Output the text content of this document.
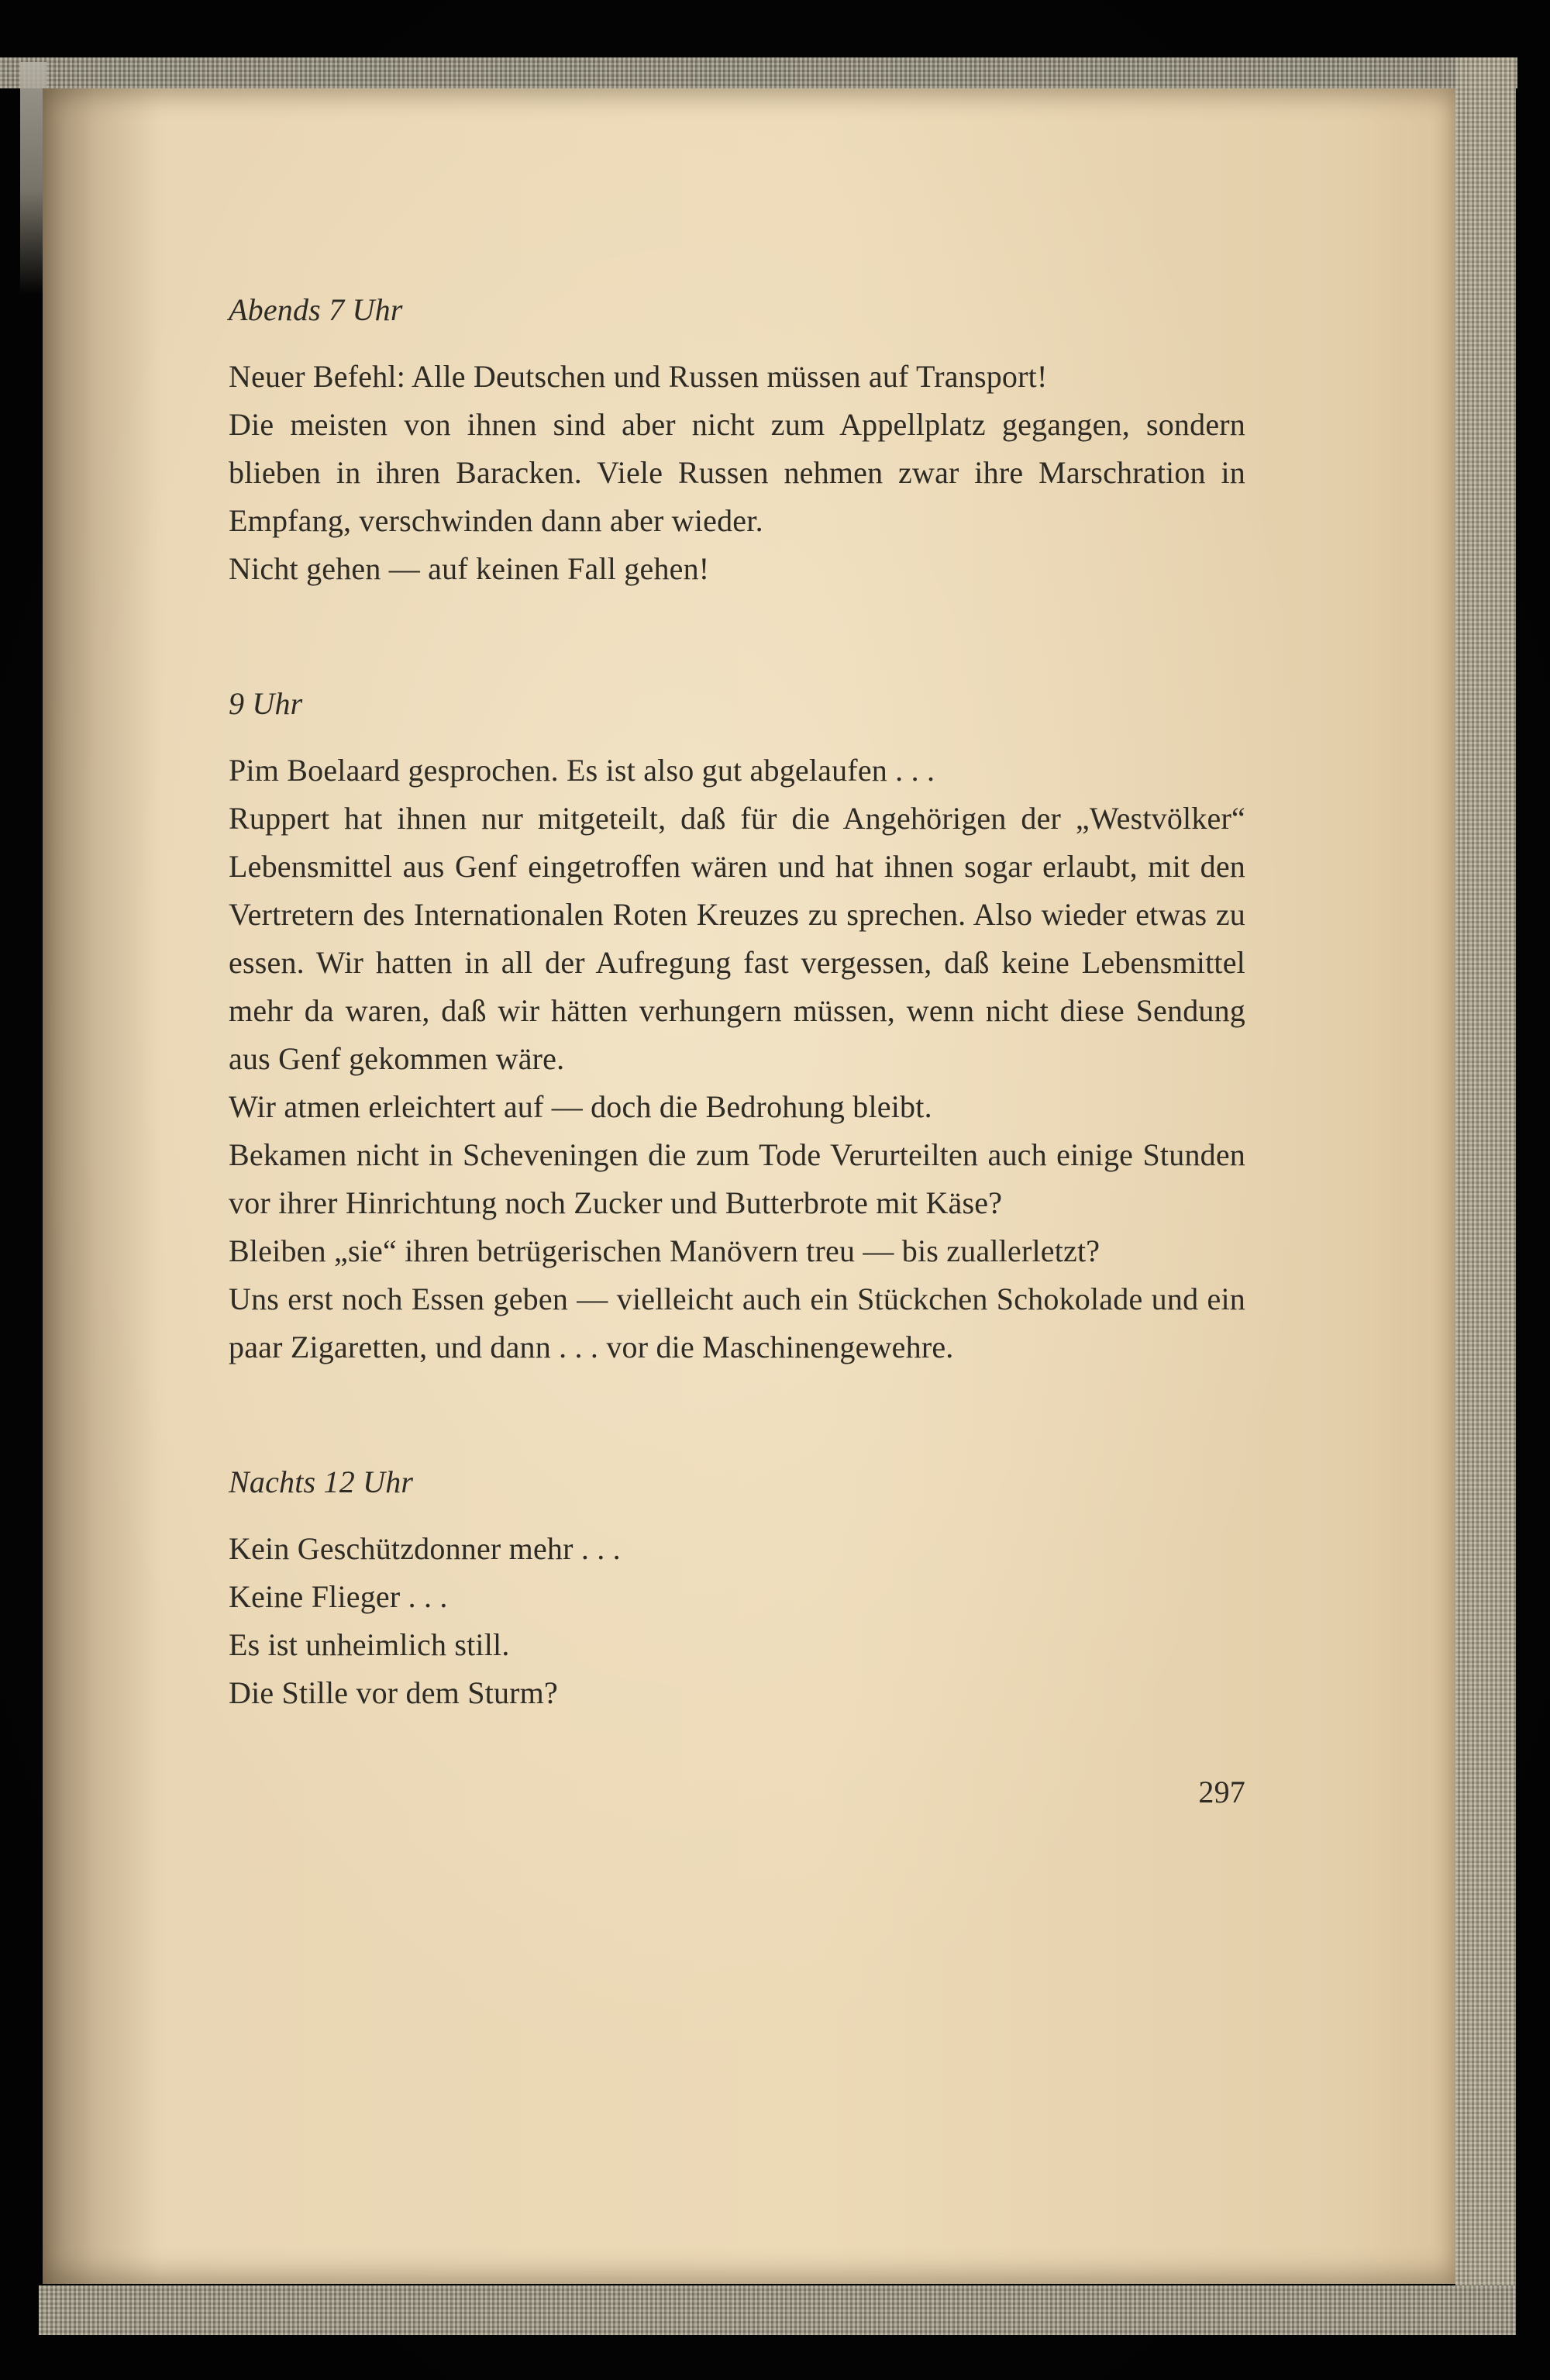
Abends 7 Uhr

Neuer Befehl: Alle Deutschen und Russen müssen auf Transport!

Die meisten von ihnen sind aber nicht zum Appellplatz gegangen, sondern blieben in ihren Baracken. Viele Russen nehmen zwar ihre Marschration in Empfang, verschwinden dann aber wieder.

Nicht gehen — auf keinen Fall gehen!

9 Uhr

Pim Boelaard gesprochen. Es ist also gut abgelaufen . . .

Ruppert hat ihnen nur mitgeteilt, daß für die Angehörigen der „Westvölker“ Lebensmittel aus Genf eingetroffen wären und hat ihnen sogar erlaubt, mit den Vertretern des Internationalen Roten Kreuzes zu sprechen. Also wieder etwas zu essen. Wir hatten in all der Aufregung fast vergessen, daß keine Lebensmittel mehr da waren, daß wir hätten verhungern müssen, wenn nicht diese Sendung aus Genf gekommen wäre.

Wir atmen erleichtert auf — doch die Bedrohung bleibt.

Bekamen nicht in Scheveningen die zum Tode Verurteilten auch einige Stunden vor ihrer Hinrichtung noch Zucker und Butterbrote mit Käse?

Bleiben „sie“ ihren betrügerischen Manövern treu — bis zuallerletzt?

Uns erst noch Essen geben — vielleicht auch ein Stückchen Schokolade und ein paar Zigaretten, und dann . . . vor die Maschinengewehre.

Nachts 12 Uhr

Kein Geschützdonner mehr . . .

Keine Flieger . . .

Es ist unheimlich still.

Die Stille vor dem Sturm?

297
